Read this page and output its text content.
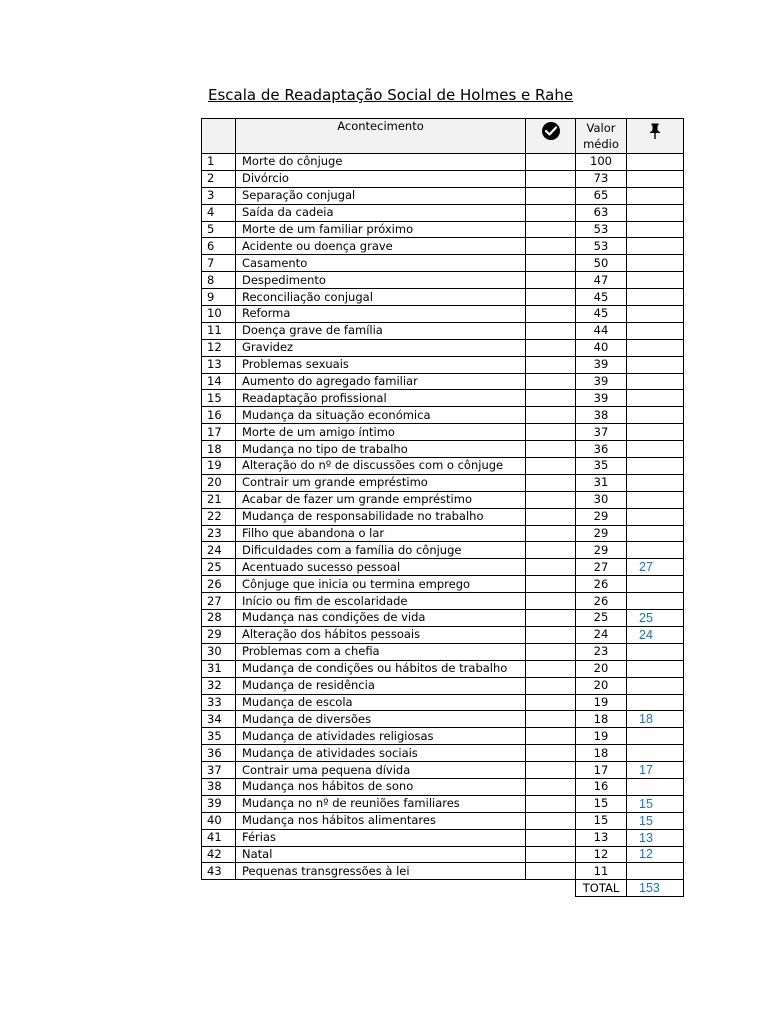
Escala de Readaptação Social de Holmes e Rahe
	Acontecimento		Valor
médio

1	Morte do cônjuge		100	
2	Divórcio		73	
3	Separação conjugal		65	
4	Saída da cadeia		63	
5	Morte de um familiar próximo		53	
6	Acidente ou doença grave		53	
7	Casamento		50	
8	Despedimento		47	
9	Reconciliação conjugal		45	
10	Reforma		45	
11	Doença grave de família		44	
12	Gravidez		40	
13	Problemas sexuais		39	
14	Aumento do agregado familiar		39	
15	Readaptação profissional		39	
16	Mudança da situação económica		38	
17	Morte de um amigo íntimo		37	
18	Mudança no tipo de trabalho		36	
19	Alteração do nº de discussões com o cônjuge		35	
20	Contrair um grande empréstimo		31	
21	Acabar de fazer um grande empréstimo		30	
22	Mudança de responsabilidade no trabalho		29	
23	Filho que abandona o lar		29	
24	Dificuldades com a família do cônjuge		29	
25	Acentuado sucesso pessoal		27	27
26	Cônjuge que inicia ou termina emprego		26	
27	Início ou fim de escolaridade		26	
28	Mudança nas condições de vida		25	25
29	Alteração dos hábitos pessoais		24	24
30	Problemas com a chefia		23	
31	Mudança de condições ou hábitos de trabalho		20	
32	Mudança de residência		20	
33	Mudança de escola		19	
34	Mudança de diversões		18	18
35	Mudança de atividades religiosas		19	
36	Mudança de atividades sociais		18	
37	Contrair uma pequena dívida		17	17
38	Mudança nos hábitos de sono		16	
39	Mudança no nº de reuniões familiares		15	15
40	Mudança nos hábitos alimentares		15	15
41	Férias		13	13
42	Natal		12	12
43	Pequenas transgressões à lei		11	
			TOTAL	153
